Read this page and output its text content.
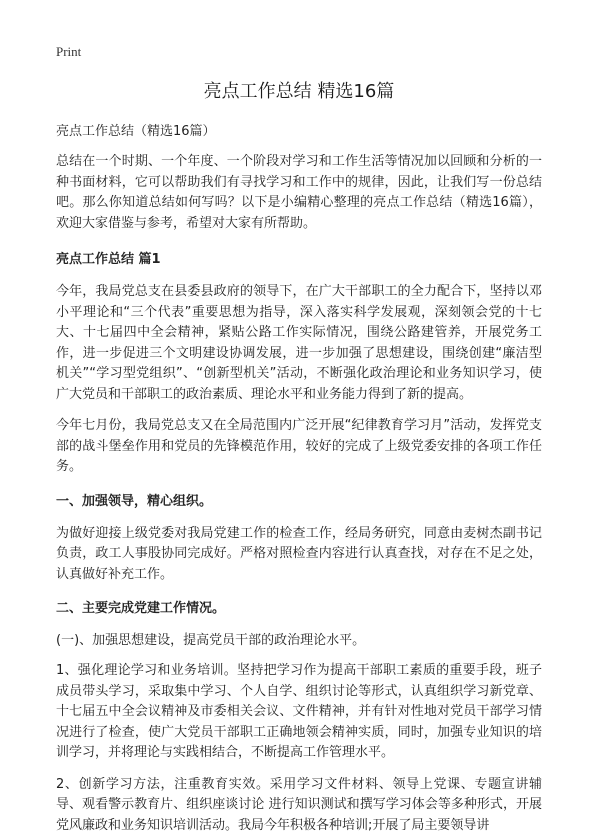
Print
亮点工作总结 精选16篇
亮点工作总结（精选16篇）

总结在一个时期、一个年度、一个阶段对学习和工作生活等情况加以回顾和分析的一种书面材料，它可以帮助我们有寻找学习和工作中的规律，因此，让我们写一份总结吧。那么你知道总结如何写吗？以下是小编精心整理的亮点工作总结（精选16篇），欢迎大家借鉴与参考，希望对大家有所帮助。

亮点工作总结 篇1

今年，我局党总支在县委县政府的领导下，在广大干部职工的全力配合下，坚持以邓小平理论和“三个代表”重要思想为指导，深入落实科学发展观，深刻领会党的十七大、十七届四中全会精神，紧贴公路工作实际情况，围绕公路建管养，开展党务工作，进一步促进三个文明建设协调发展，进一步加强了思想建设，围绕创建“廉洁型机关”“学习型党组织”、“创新型机关”活动，不断强化政治理论和业务知识学习，使广大党员和干部职工的政治素质、理论水平和业务能力得到了新的提高。

今年七月份，我局党总支又在全局范围内广泛开展“纪律教育学习月”活动，发挥党支部的战斗堡垒作用和党员的先锋模范作用，较好的完成了上级党委安排的各项工作任务。

一、加强领导，精心组织。

为做好迎接上级党委对我局党建工作的检查工作，经局务研究，同意由麦树杰副书记负责，政工人事股协同完成好。严格对照检查内容进行认真查找，对存在不足之处，认真做好补充工作。

二、主要完成党建工作情况。

(一)、加强思想建设，提高党员干部的政治理论水平。

1、强化理论学习和业务培训。坚持把学习作为提高干部职工素质的重要手段，班子成员带头学习，采取集中学习、个人自学、组织讨论等形式，认真组织学习新党章、十七届五中全会议精神及市委相关会议、文件精神，并有针对性地对党员干部学习情况进行了检查，使广大党员干部职工正确地领会精神实质，同时，加强专业知识的培训学习，并将理论与实践相结合，不断提高工作管理水平。

2、创新学习方法，注重教育实效。采用学习文件材料、领导上党课、专题宣讲辅导、观看警示教育片、组织座谈讨论 进行知识测试和撰写学习体会等多种形式，开展党风廉政和业务知识培训活动。我局今年积极各种培训;开展了局主要领导讲
